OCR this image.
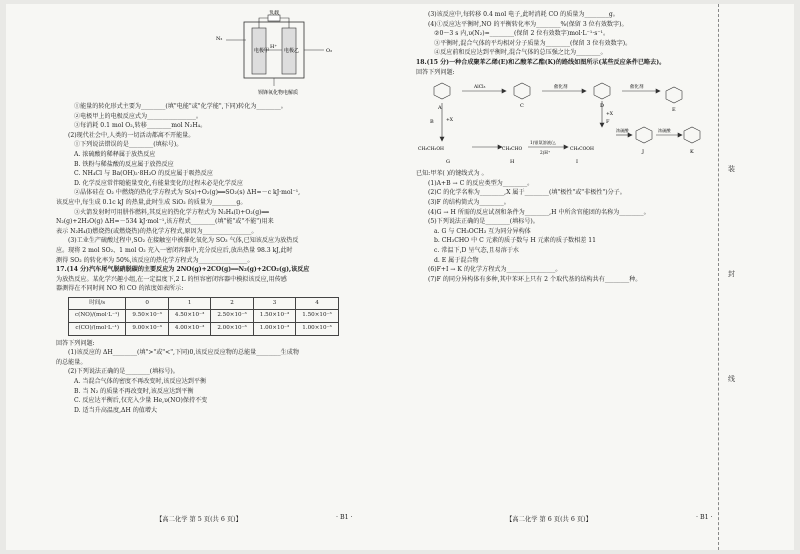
负载
N₂
电极甲	电极乙	O₂
H⁺
钡锋氧化物电解质
①能量的转化形式主要为________(填"电能"或"化学能",下同)转化为________。
②电极甲上的电极反应式为________________。
③每消耗 0.1 mol O₂,转移________mol N₂H₄。
(2)现代社会中,人类的一切活动都离不开能量。
①下列说法错误的是________(填标号)。
A. 浓硫酸的稀释属于放热反应
B. 铁粉与稀盐酸的反应属于放热反应
C. NH₄Cl 与 Ba(OH)₂·8H₂O 的反应属于吸热反应
D. 化学反应常伴随能量变化,有能量变化的过程未必是化学反应
②晶体硅在 O₂ 中燃烧的热化学方程式为 S(s)+O₂(g)══SO₂(s) ΔH=－c kJ·mol⁻¹,
该反应中,每生成 0.1c kJ 的热量,此时生成 SiO₂ 的质量为________g。
③火箭发射时可用肼作燃料,其反应的热化学方程式为 N₂H₄(l)+O₂(g)══
N₂(g)+2H₂O(g) ΔH=－534 kJ·mol⁻¹,该方程式________(填"能"或"不能")用来
表示 N₂H₄(l)燃烧热(或燃烧热)的热化学方程式,原因为________________。
(3)工业生产硫酸过程中,SO₂ 在接触室中被催化氧化为 SO₃ 气体,已知该反应为放热反
应。现将 2 mol SO₂、1 mol O₂ 充入一密闭容器中,充分反应后,放出热量 98.3 kJ,此时
测得 SO₂ 的转化率为 50%,该反应的热化学方程式为________________。
17.(14 分)汽车尾气脱硝脱碳的主要反应为 2NO(g)+2CO(g)══N₂(g)+2CO₂(g),该反应
为放热反应。某化学兴趣小组,在一定温度下,2 L 的恒容密闭容器中模拟该反应,用传感
器测得在不同时间 NO 和 CO 的浓度如表所示:
时间/s	0	1	2	3	4
c(NO)/(mol·L⁻¹)	9.50×10⁻³	4.50×10⁻³	2.50×10⁻³	1.50×10⁻³	1.50×10⁻³
c(CO)/(mol·L⁻¹)	9.00×10⁻³	4.00×10⁻³	2.00×10⁻³	1.00×10⁻³	1.00×10⁻³
回答下列问题:
(1)该反应的 ΔH________(填">"或"<",下同)0,该反应反应物的总能量________生成物
的总能量。
(2)下列说法正确的是________(填标号)。
A. 当混合气体的密度不再改变时,该反应达到平衡
B. 当 N₂ 的质量不再改变时,该反应达到平衡
C. 反应达平衡后,仅充入少量 He,υ(NO)保持不变
D. 适当升高温度,ΔH 的值增大
【高二化学 第 5 页(共 6 页)】	· B1 ·
(3)该反应中,每转移 0.4 mol 电子,此时消耗 CO 的质量为________g。
(4)①反应达平衡时,NO 的平衡转化率为________%(保留 3 位有效数字)。
②0～3 s 内,υ(N₂)=________(保留 2 位有效数字)mol·L⁻¹·s⁻¹。
③平衡时,混合气体的平均相对分子质量为________(保留 3 位有效数字)。
④反应前和反应达到平衡时,混合气体的总压强之比为________。
18.(15 分)一种合成聚苯乙烯(E)和乙酸苯乙酯(K)的路线如图所示(某些反应条件已略去)。
回答下列问题:
A
B
C	D
E
F
G	H	I
J	K
AlCl₃	催化剂	催化剂
+X
+X
1)银氨溶液/△
2)H⁺
浓硫酸
CH₃CH₂OH	CH₃CHO	CH₃COOH
浓硫酸
已知:甲苯( )的键线式为 。
(1)A+B → C 的反应类型为________。
(2)C 的化学名称为________,X 属于________(填"极性"或"非极性")分子。
(3)F 的结构简式为________。
(4)G → H 所需的反应试剂和条件为________,H 中所含官能团的名称为________。
(5)下列说法正确的是________(填标号)。
a. G 与 CH₃OCH₃ 互为同分异构体
b. CH₃CHO 中 C 元素的质子数与 H 元素的质子数相差 11
c. 常温下,D 呈气态,且易溶于水
d. E 属于混合物
(6)F+I → K 的化学方程式为________________。
(7)F 的同分异构体有多种,其中苯环上只有 2 个取代基的结构共有________种。
【高二化学 第 6 页(共 6 页)】	· B1 ·
装
封
线
